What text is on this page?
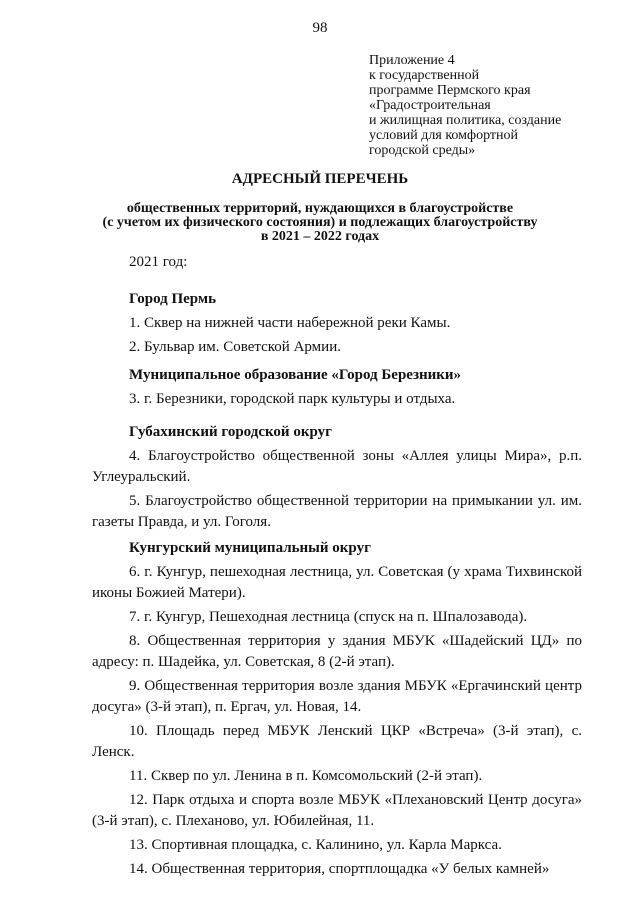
98
Приложение 4
к государственной
программе Пермского края
«Градостроительная
и жилищная политика, создание
условий для комфортной
городской среды»
АДРЕСНЫЙ ПЕРЕЧЕНЬ
общественных территорий, нуждающихся в благоустройстве
(с учетом их физического состояния) и подлежащих благоустройству
в 2021 – 2022 годах
2021 год:
Город Пермь
1. Сквер на нижней части набережной реки Камы.
2. Бульвар им. Советской Армии.
Муниципальное образование «Город Березники»
3. г. Березники, городской парк культуры и отдыха.
Губахинский городской округ
4. Благоустройство общественной зоны «Аллея улицы Мира», р.п. Углеуральский.
5. Благоустройство общественной территории на примыкании ул. им. газеты Правда, и ул. Гоголя.
Кунгурский муниципальный округ
6. г. Кунгур, пешеходная лестница, ул. Советская (у храма Тихвинской иконы Божией Матери).
7. г. Кунгур, Пешеходная лестница (спуск на п. Шпалозавода).
8. Общественная территория у здания МБУК «Шадейский ЦД» по адресу: п. Шадейка, ул. Советская, 8 (2-й этап).
9. Общественная территория возле здания МБУК «Ергачинский центр досуга» (3-й этап), п. Ергач, ул. Новая, 14.
10. Площадь перед МБУК Ленский ЦКР «Встреча» (3-й этап), с. Ленск.
11. Сквер по ул. Ленина в п. Комсомольский (2-й этап).
12. Парк отдыха и спорта возле МБУК «Плехановский Центр досуга» (3-й этап), с. Плеханово, ул. Юбилейная, 11.
13. Спортивная площадка, с. Калинино, ул. Карла Маркса.
14. Общественная территория, спортплощадка «У белых камней»
